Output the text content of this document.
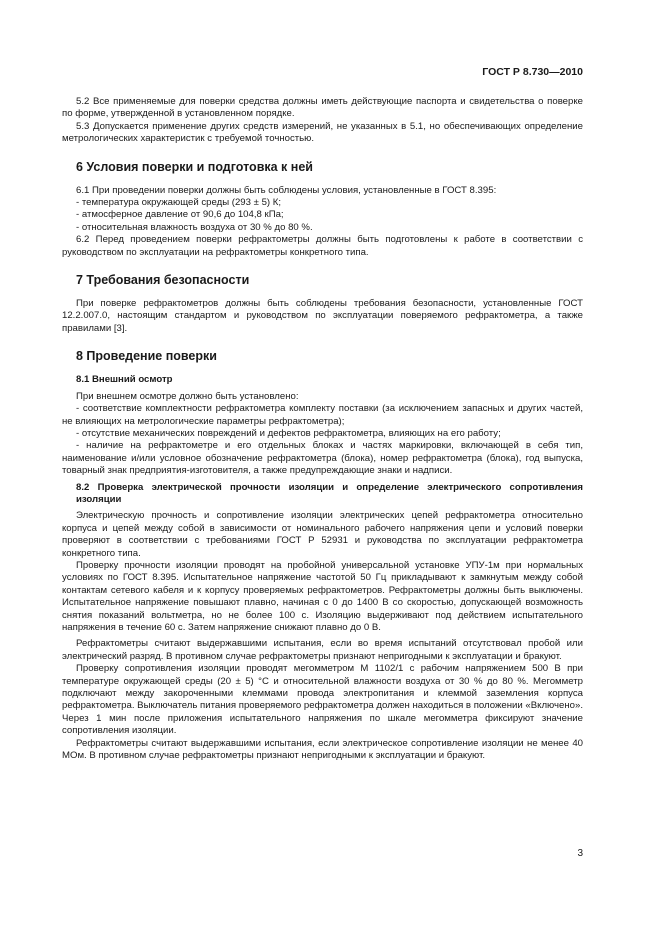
ГОСТ Р 8.730—2010

5.2 Все применяемые для поверки средства должны иметь действующие паспорта и свидетельства о поверке по форме, утвержденной в установленном порядке.

5.3 Допускается применение других средств измерений, не указанных в 5.1, но обеспечивающих определение метрологических характеристик с требуемой точностью.

6 Условия поверки и подготовка к ней

6.1 При проведении поверки должны быть соблюдены условия, установленные в ГОСТ 8.395:

- температура окружающей среды (293 ± 5) К;

- атмосферное давление от 90,6 до 104,8 кПа;

- относительная влажность воздуха от 30 % до 80 %.

6.2 Перед проведением поверки рефрактометры должны быть подготовлены к работе в соответствии с руководством по эксплуатации на рефрактометры конкретного типа.

7 Требования безопасности

При поверке рефрактометров должны быть соблюдены требования безопасности, установленные ГОСТ 12.2.007.0, настоящим стандартом и руководством по эксплуатации поверяемого рефрактометра, а также правилами [3].

8 Проведение поверки
8.1 Внешний осмотр

При внешнем осмотре должно быть установлено:

- соответствие комплектности рефрактометра комплекту поставки (за исключением запасных и других частей, не влияющих на метрологические параметры рефрактометра);

- отсутствие механических повреждений и дефектов рефрактометра, влияющих на его работу;

- наличие на рефрактометре и его отдельных блоках и частях маркировки, включающей в себя тип, наименование и/или условное обозначение рефрактометра (блока), номер рефрактометра (блока), год выпуска, товарный знак предприятия-изготовителя, а также предупреждающие знаки и надписи.

8.2 Проверка электрической прочности изоляции и определение электрического сопротивления изоляции

Электрическую прочность и сопротивление изоляции электрических цепей рефрактометра относительно корпуса и цепей между собой в зависимости от номинального рабочего напряжения цепи и условий поверки проверяют в соответствии с требованиями ГОСТ Р 52931 и руководства по эксплуатации рефрактометра конкретного типа.

Проверку прочности изоляции проводят на пробойной универсальной установке УПУ-1м при нормальных условиях по ГОСТ 8.395. Испытательное напряжение частотой 50 Гц прикладывают к замкнутым между собой контактам сетевого кабеля и к корпусу проверяемых рефрактометров. Рефрактометры должны быть выключены. Испытательное напряжение повышают плавно, начиная с 0 до 1400 В со скоростью, допускающей возможность снятия показаний вольтметра, но не более 100 с. Изоляцию выдерживают под действием испытательного напряжения в течение 60 с. Затем напряжение снижают плавно до 0 В.

Рефрактометры считают выдержавшими испытания, если во время испытаний отсутствовал пробой или электрический разряд. В противном случае рефрактометры признают непригодными к эксплуатации и бракуют.

Проверку сопротивления изоляции проводят мегомметром М 1102/1 с рабочим напряжением 500 В при температуре окружающей среды (20 ± 5) °С и относительной влажности воздуха от 30 % до 80 %. Мегомметр подключают между закороченными клеммами провода электропитания и клеммой заземления корпуса рефрактометра. Выключатель питания проверяемого рефрактометра должен находиться в положении «Включено». Через 1 мин после приложения испытательного напряжения по шкале мегомметра фиксируют значение сопротивления изоляции.

Рефрактометры считают выдержавшими испытания, если электрическое сопротивление изоляции не менее 40 МОм. В противном случае рефрактометры признают непригодными к эксплуатации и бракуют.

3
